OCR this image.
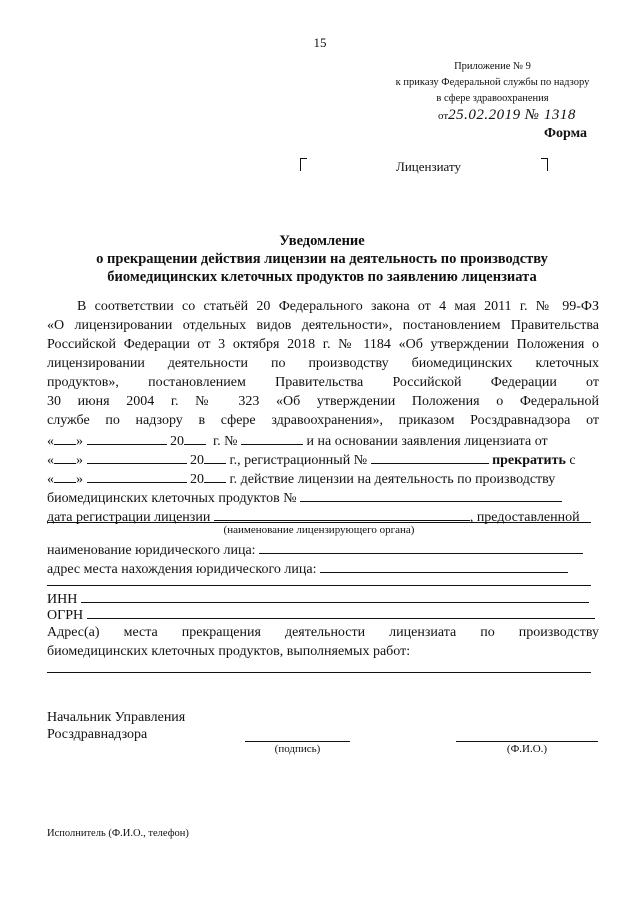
15
Приложение № 9
к приказу Федеральной службы по надзору
в сфере здравоохранения
от25.02.2019 № 1318
Форма
Лицензиату
Уведомление
о прекращении действия лицензии на деятельность по производству
биомедицинских клеточных продуктов по заявлению лицензиата
В соответствии со статьёй 20 Федерального закона от 4 мая 2011 г. № 99-ФЗ
«О лицензировании отдельных видов деятельности», постановлением Правительства
Российской Федерации от 3 октября 2018 г. № 1184 «Об утверждении Положения о
лицензировании деятельности по производству биомедицинских клеточных
продуктов», постановлением Правительства Российской Федерации от
30 июня 2004 г. № 323 «Об утверждении Положения о Федеральной
службе по надзору в сфере здравоохранения», приказом Росздравнадзора от
« »	20 г. №	и на основании заявления лицензиата от
« »	20 г., регистрационный №	прекратить с
« »	20 г. действие лицензии на деятельность по производству
биомедицинских клеточных продуктов №
дата регистрации лицензии	, предоставленной
(наименование лицензирующего органа)
наименование юридического лица:
адрес места нахождения юридического лица:
ИНН
ОГРН
Адрес(а) места прекращения деятельности лицензиата по производству
биомедицинских клеточных продуктов, выполняемых работ:
Начальник Управления
Росздравнадзора
(подпись)	(Ф.И.О.)
Исполнитель (Ф.И.О., телефон)
